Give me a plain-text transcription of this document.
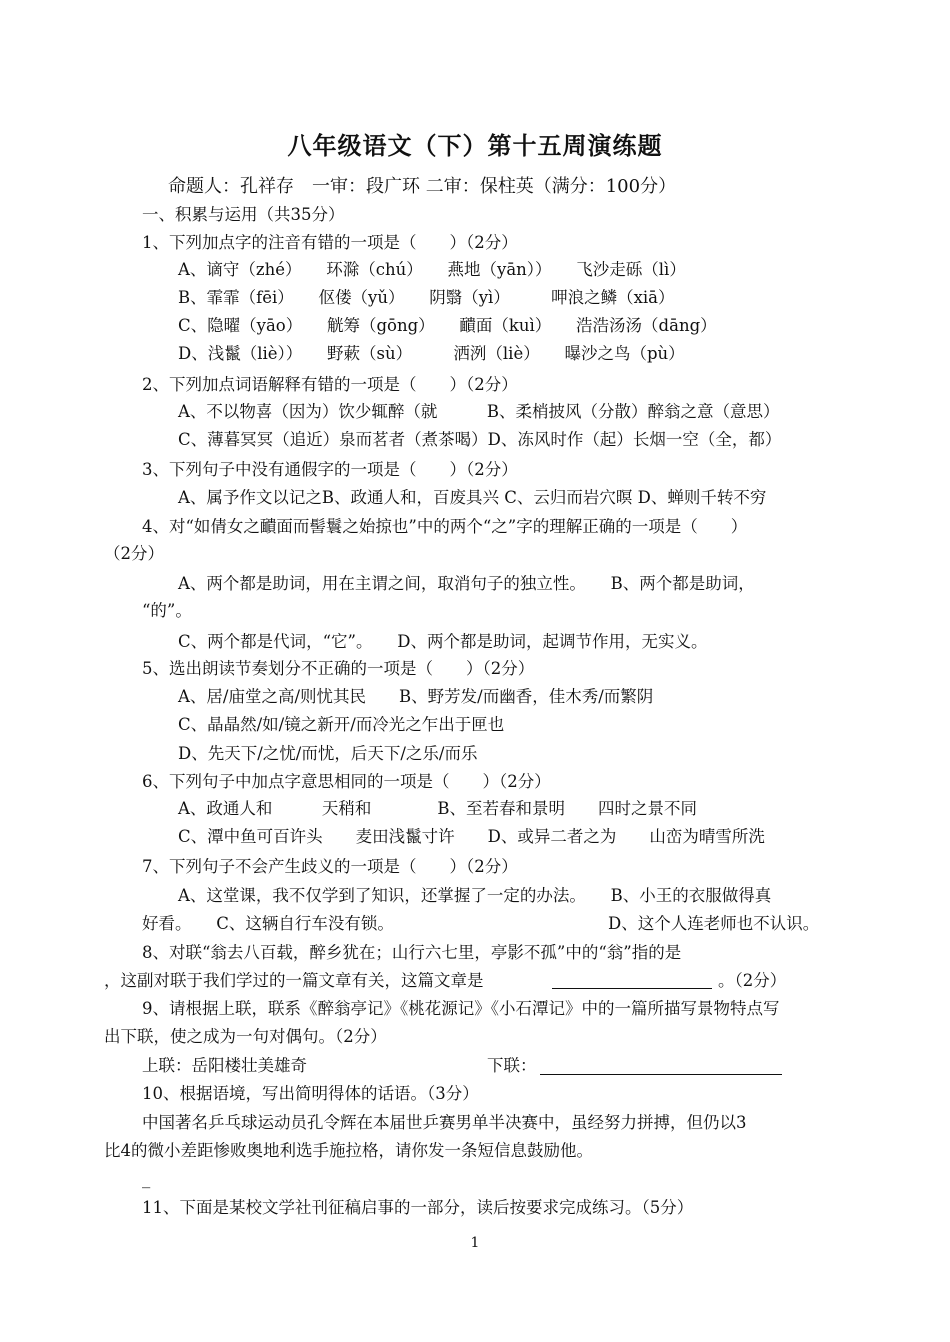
八年级语文（下）第十五周演练题
命题人：孔祥存　一审：段广环 二审：保柱英（满分：100分）
一、积累与运用（共35分）
1、下列加点字的注音有错的一项是（　　）（2分）
A、谪守（zhé）　　环滁（chú）　　燕地（yān））　　飞沙走砾（lì）
B、霏霏（fēi）　　伛偻（yǔ）　　阴翳（yì）　　　呷浪之鳞（xiā）
C、隐曜（yāo）　　觥筹（gōng）　　靧面（kuì）　　浩浩汤汤（dāng）
D、浅鬣（liè））　　野蔌（sù）　　　洒洌（liè）　　曝沙之鸟（pù）
2、下列加点词语解释有错的一项是（　　）（2分）
A、不以物喜（因为）饮少辄醉（就　　　B、柔梢披风（分散）醉翁之意（意思）
C、薄暮冥冥（追近）泉而茗者（煮茶喝）D、冻风时作（起）长烟一空（全，都）
3、下列句子中没有通假字的一项是（　　）（2分）
A、属予作文以记之B、政通人和，百废具兴 C、云归而岩穴暝 D、蝉则千转不穷
4、对“如倩女之靧面而髻鬟之始掠也”中的两个“之”字的理解正确的一项是（　　）
（2分）
A、两个都是助词，用在主谓之间，取消句子的独立性。　　B、两个都是助词，
“的”。
C、两个都是代词，“它”。　　D、两个都是助词，起调节作用，无实义。
5、选出朗读节奏划分不正确的一项是（　　）（2分）
A、居/庙堂之高/则忧其民　　B、野芳发/而幽香，佳木秀/而繁阴
C、晶晶然/如/镜之新开/而冷光之乍出于匣也
D、先天下/之忧/而忧，后天下/之乐/而乐
6、下列句子中加点字意思相同的一项是（　　）（2分）
A、政通人和　　　天稍和　　　　B、至若春和景明　　四时之景不同
C、潭中鱼可百许头　　麦田浅鬣寸许　　D、或异二者之为　　山峦为晴雪所洗
7、下列句子不会产生歧义的一项是（　　）（2分）
A、这堂课，我不仅学到了知识，还掌握了一定的办法。　　B、小王的衣服做得真
好看。　　C、这辆自行车没有锁。	D、这个人连老师也不认识。
8、对联“翁去八百载，醉乡犹在；山行六七里，亭影不孤”中的“翁”指的是
，这副对联于我们学过的一篇文章有关，这篇文章是	。（2分）
9、请根据上联，联系《醉翁亭记》《桃花源记》《小石潭记》中的一篇所描写景物特点写
出下联，使之成为一句对偶句。（2分）
上联：岳阳楼壮美雄奇	下联：
10、根据语境，写出简明得体的话语。（3分）
中国著名乒乓球运动员孔令辉在本届世乒赛男单半决赛中，虽经努力拼搏，但仍以3
比4的微小差距惨败奥地利选手施拉格，请你发一条短信息鼓励他。
_
11、下面是某校文学社刊征稿启事的一部分，读后按要求完成练习。（5分）
1
